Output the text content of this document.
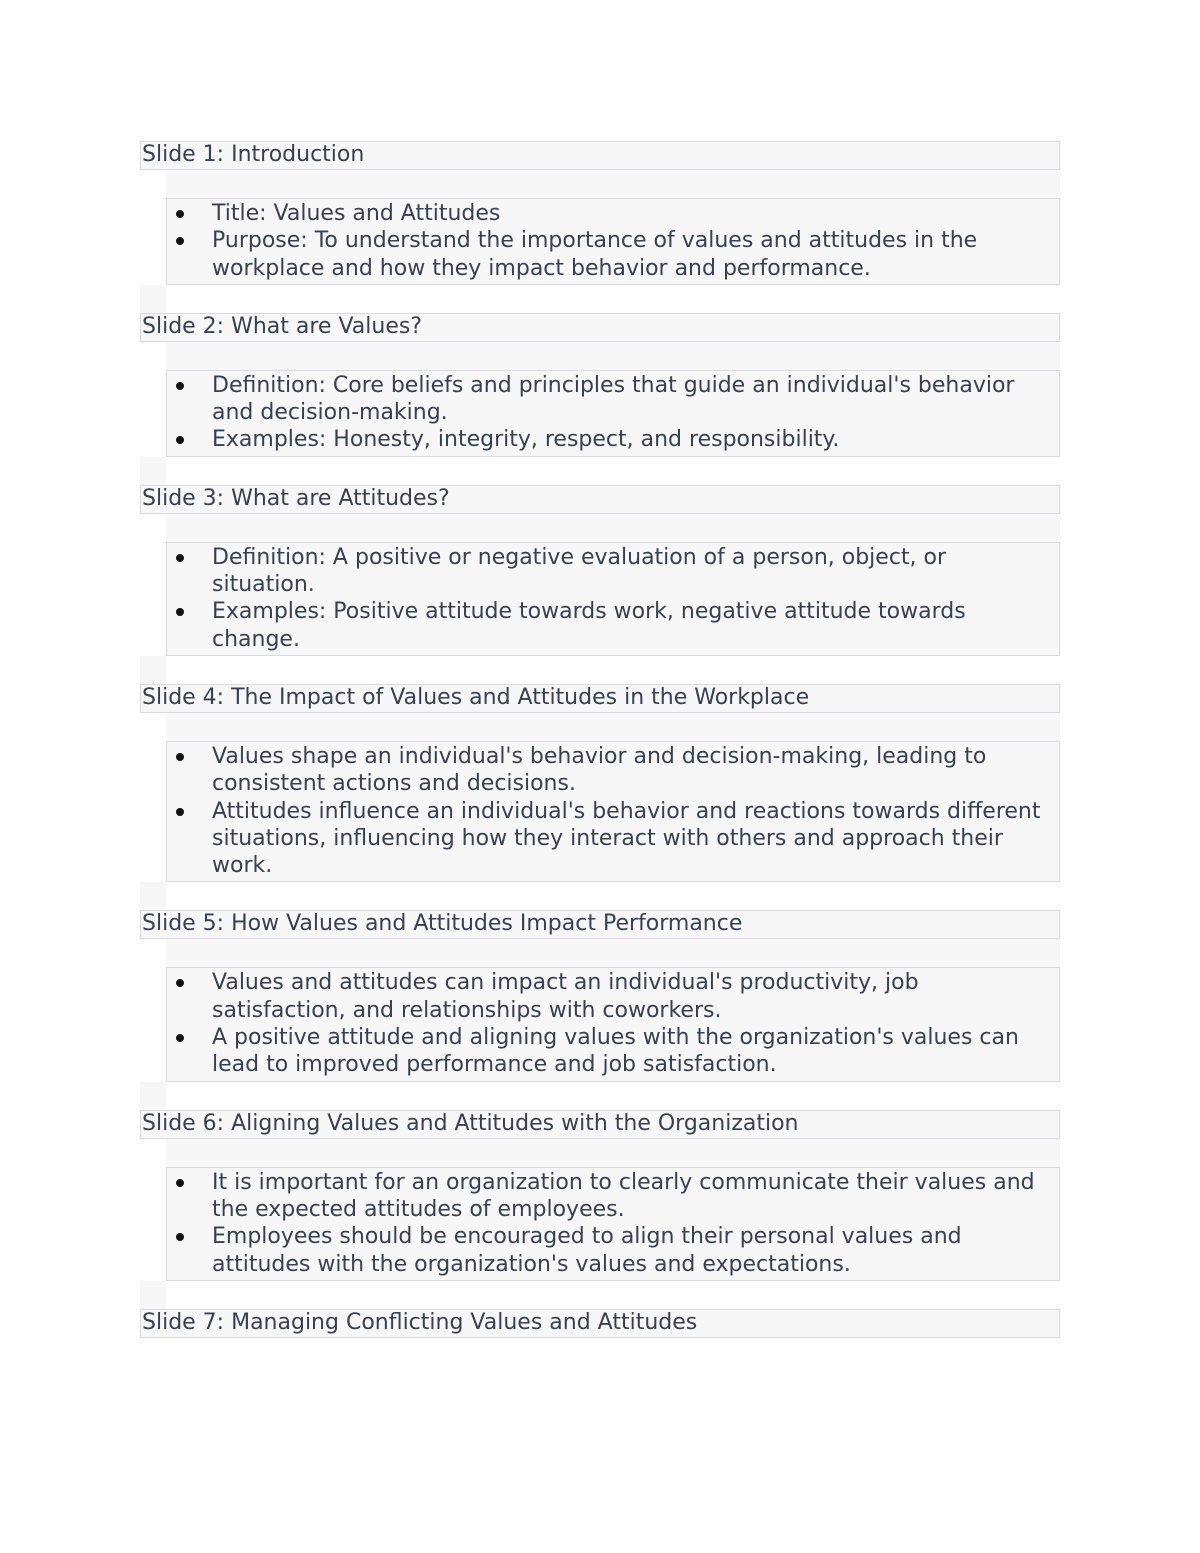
Slide 1: Introduction
Title: Values and Attitudes
Purpose: To understand the importance of values and attitudes in the workplace and how they impact behavior and performance.
Slide 2: What are Values?
Definition: Core beliefs and principles that guide an individual's behavior and decision-making.
Examples: Honesty, integrity, respect, and responsibility.
Slide 3: What are Attitudes?
Definition: A positive or negative evaluation of a person, object, or situation.
Examples: Positive attitude towards work, negative attitude towards change.
Slide 4: The Impact of Values and Attitudes in the Workplace
Values shape an individual's behavior and decision-making, leading to consistent actions and decisions.
Attitudes influence an individual's behavior and reactions towards different situations, influencing how they interact with others and approach their work.
Slide 5: How Values and Attitudes Impact Performance
Values and attitudes can impact an individual's productivity, job satisfaction, and relationships with coworkers.
A positive attitude and aligning values with the organization's values can lead to improved performance and job satisfaction.
Slide 6: Aligning Values and Attitudes with the Organization
It is important for an organization to clearly communicate their values and the expected attitudes of employees.
Employees should be encouraged to align their personal values and attitudes with the organization's values and expectations.
Slide 7: Managing Conflicting Values and Attitudes
